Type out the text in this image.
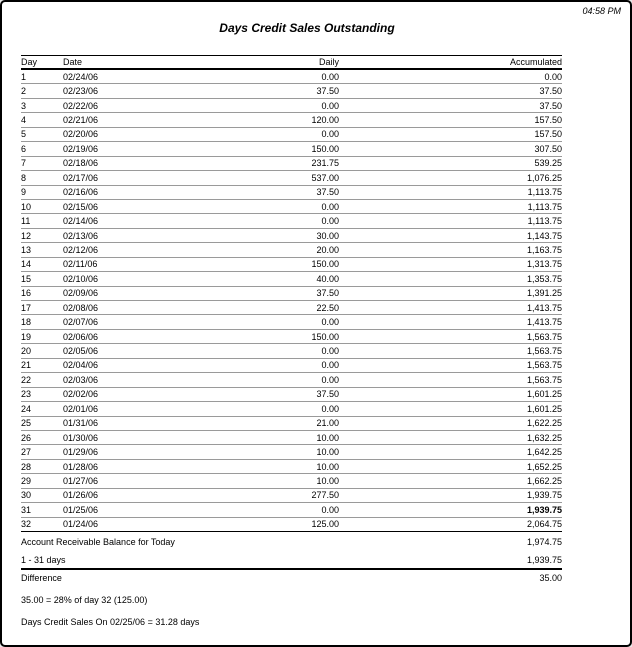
04:58 PM
Days Credit Sales Outstanding
Day	Date	Daily	Accumulated
1	02/24/06	0.00	0.00
2	02/23/06	37.50	37.50
3	02/22/06	0.00	37.50
4	02/21/06	120.00	157.50
5	02/20/06	0.00	157.50
6	02/19/06	150.00	307.50
7	02/18/06	231.75	539.25
8	02/17/06	537.00	1,076.25
9	02/16/06	37.50	1,113.75
10	02/15/06	0.00	1,113.75
11	02/14/06	0.00	1,113.75
12	02/13/06	30.00	1,143.75
13	02/12/06	20.00	1,163.75
14	02/11/06	150.00	1,313.75
15	02/10/06	40.00	1,353.75
16	02/09/06	37.50	1,391.25
17	02/08/06	22.50	1,413.75
18	02/07/06	0.00	1,413.75
19	02/06/06	150.00	1,563.75
20	02/05/06	0.00	1,563.75
21	02/04/06	0.00	1,563.75
22	02/03/06	0.00	1,563.75
23	02/02/06	37.50	1,601.25
24	02/01/06	0.00	1,601.25
25	01/31/06	21.00	1,622.25
26	01/30/06	10.00	1,632.25
27	01/29/06	10.00	1,642.25
28	01/28/06	10.00	1,652.25
29	01/27/06	10.00	1,662.25
30	01/26/06	277.50	1,939.75
31	01/25/06	0.00	1,939.75
32	01/24/06	125.00	2,064.75
Account Receivable Balance for Today	1,974.75
1 - 31 days	1,939.75
Difference	35.00
35.00 = 28% of day 32 (125.00)
Days Credit Sales On 02/25/06 = 31.28 days
